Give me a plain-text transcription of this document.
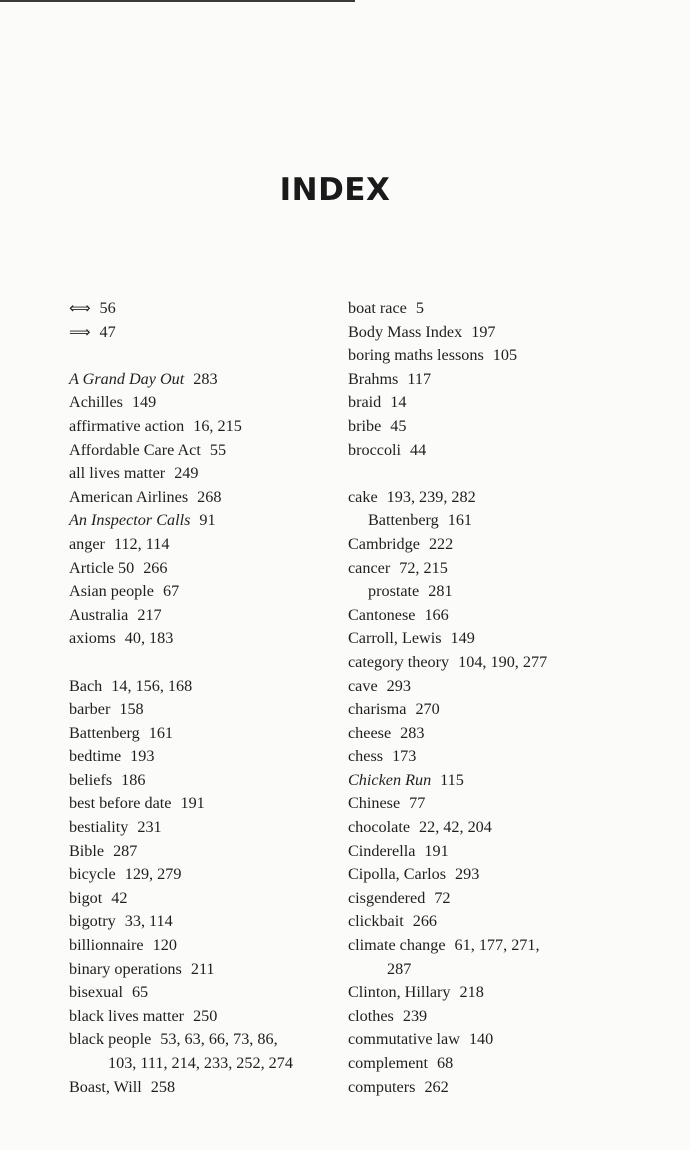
INDEX
⟺ 56
⟹ 47
A Grand Day Out 283
Achilles 149
affirmative action 16, 215
Affordable Care Act 55
all lives matter 249
American Airlines 268
An Inspector Calls 91
anger 112, 114
Article 50 266
Asian people 67
Australia 217
axioms 40, 183
Bach 14, 156, 168
barber 158
Battenberg 161
bedtime 193
beliefs 186
best before date 191
bestiality 231
Bible 287
bicycle 129, 279
bigot 42
bigotry 33, 114
billionnaire 120
binary operations 211
bisexual 65
black lives matter 250
black people 53, 63, 66, 73, 86,
103, 111, 214, 233, 252, 274
Boast, Will 258
boat race 5
Body Mass Index 197
boring maths lessons 105
Brahms 117
braid 14
bribe 45
broccoli 44
cake 193, 239, 282
Battenberg 161
Cambridge 222
cancer 72, 215
prostate 281
Cantonese 166
Carroll, Lewis 149
category theory 104, 190, 277
cave 293
charisma 270
cheese 283
chess 173
Chicken Run 115
Chinese 77
chocolate 22, 42, 204
Cinderella 191
Cipolla, Carlos 293
cisgendered 72
clickbait 266
climate change 61, 177, 271,
287
Clinton, Hillary 218
clothes 239
commutative law 140
complement 68
computers 262
